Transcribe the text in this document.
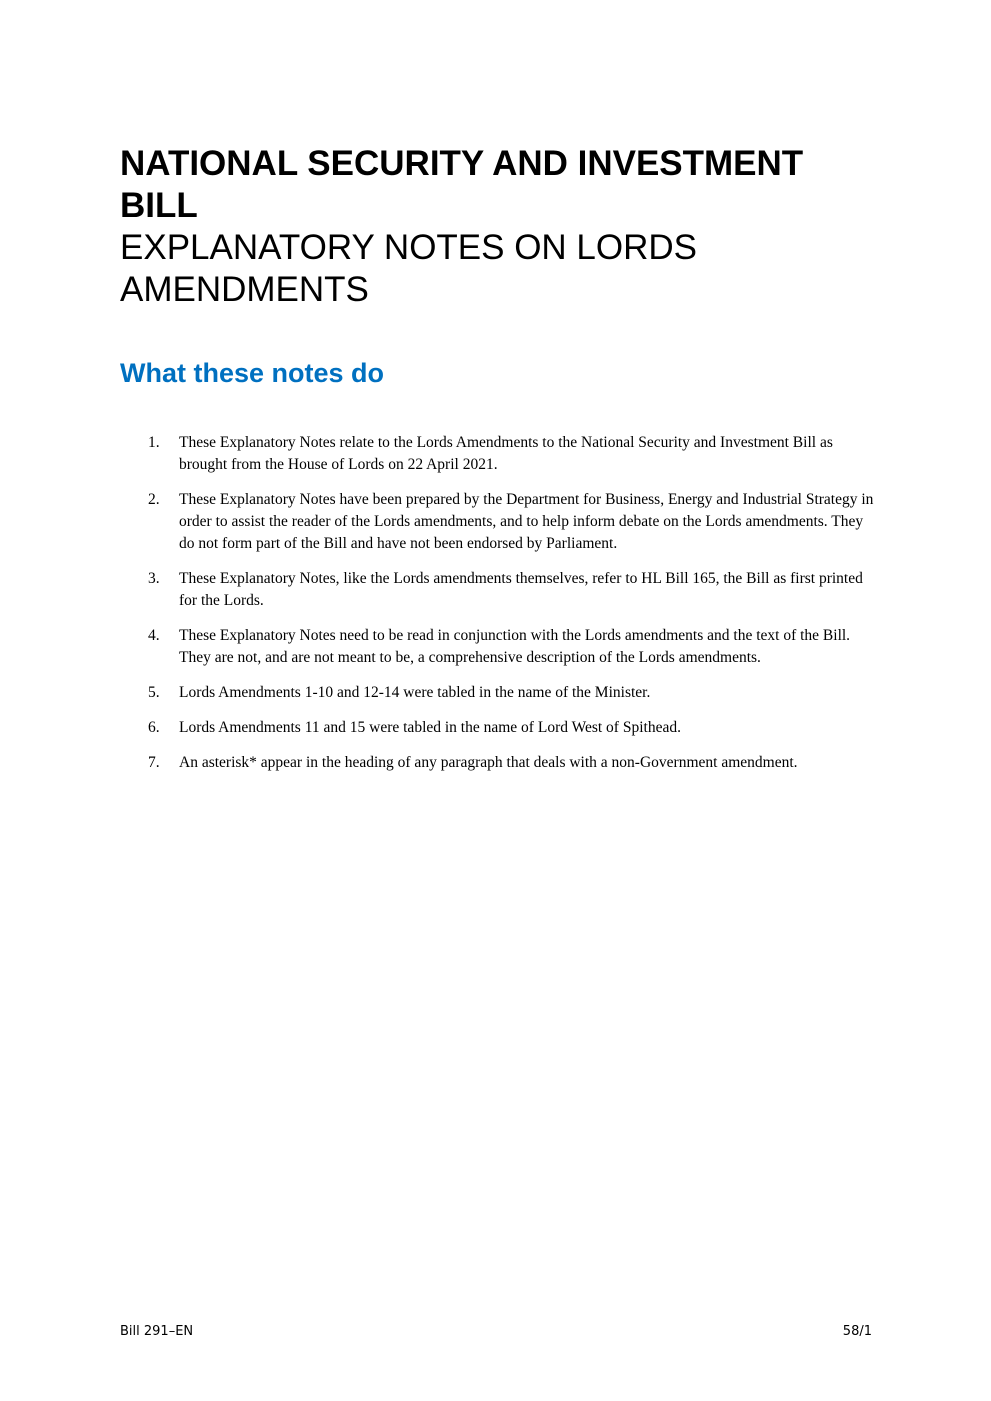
NATIONAL SECURITY AND INVESTMENT BILL
EXPLANATORY NOTES ON LORDS AMENDMENTS
What these notes do
1.	These Explanatory Notes relate to the Lords Amendments to the National Security and Investment Bill as brought from the House of Lords on 22 April 2021.
2.	These Explanatory Notes have been prepared by the Department for Business, Energy and Industrial Strategy in order to assist the reader of the Lords amendments, and to help inform debate on the Lords amendments. They do not form part of the Bill and have not been endorsed by Parliament.
3.	These Explanatory Notes, like the Lords amendments themselves, refer to HL Bill 165, the Bill as first printed for the Lords.
4.	These Explanatory Notes need to be read in conjunction with the Lords amendments and the text of the Bill. They are not, and are not meant to be, a comprehensive description of the Lords amendments.
5.	Lords Amendments 1-10 and 12-14 were tabled in the name of the Minister.
6.	Lords Amendments 11 and 15 were tabled in the name of Lord West of Spithead.
7.	An asterisk* appear in the heading of any paragraph that deals with a non-Government amendment.
Bill 291–EN	58/1
